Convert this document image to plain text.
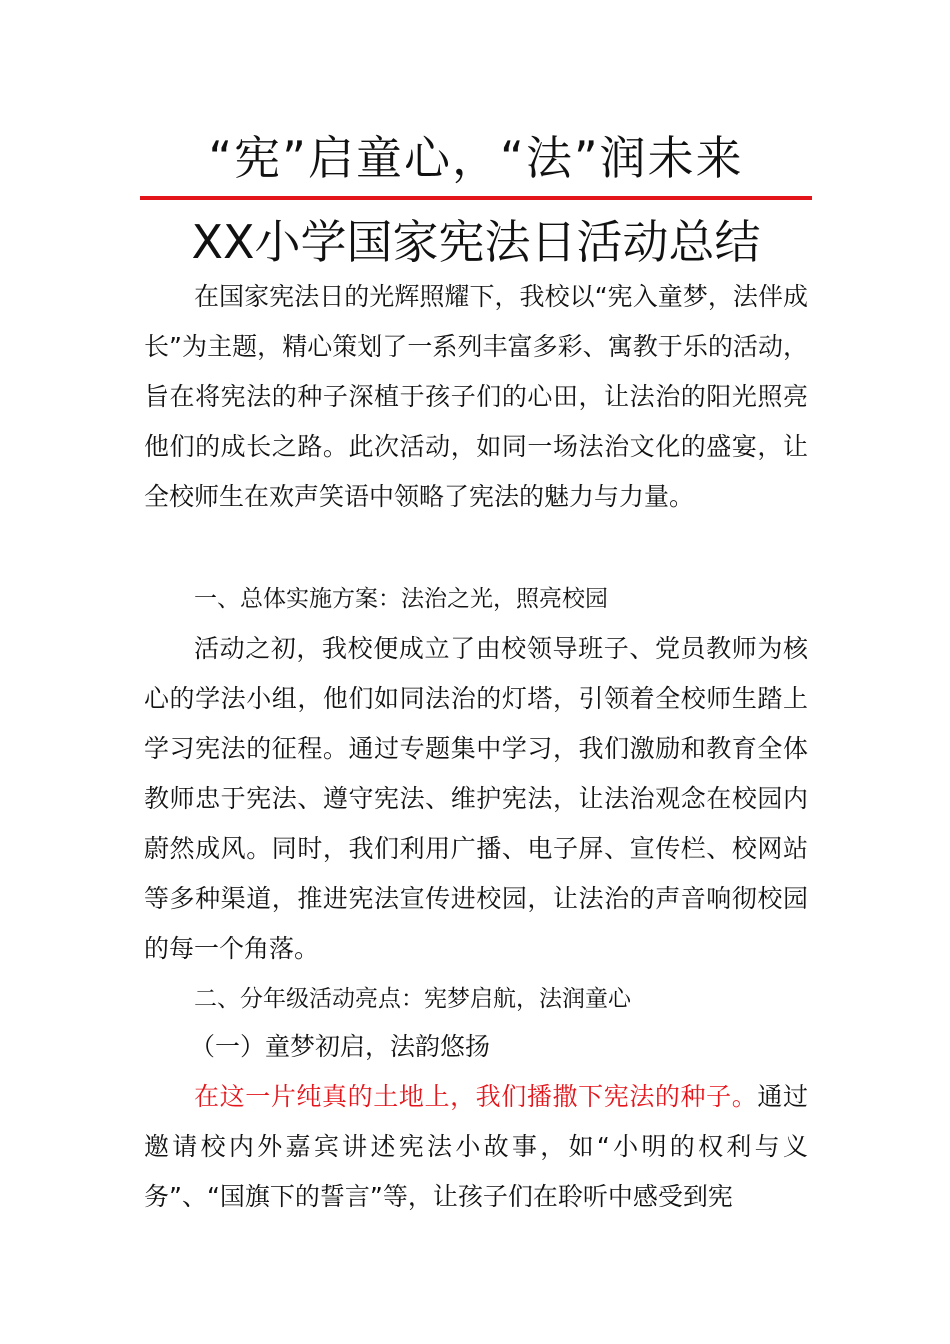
“宪”启童心，“法”润未来
XX小学国家宪法日活动总结

在国家宪法日的光辉照耀下，我校以“宪入童梦，法伴成长”为主题，精心策划了一系列丰富多彩、寓教于乐的活动，旨在将宪法的种子深植于孩子们的心田，让法治的阳光照亮他们的成长之路。此次活动，如同一场法治文化的盛宴，让全校师生在欢声笑语中领略了宪法的魅力与力量。

一、总体实施方案：法治之光，照亮校园

活动之初，我校便成立了由校领导班子、党员教师为核心的学法小组，他们如同法治的灯塔，引领着全校师生踏上学习宪法的征程。通过专题集中学习，我们激励和教育全体教师忠于宪法、遵守宪法、维护宪法，让法治观念在校园内蔚然成风。同时，我们利用广播、电子屏、宣传栏、校网站等多种渠道，推进宪法宣传进校园，让法治的声音响彻校园的每一个角落。

二、分年级活动亮点：宪梦启航，法润童心
（一）童梦初启，法韵悠扬

在这一片纯真的土地上，我们播撒下宪法的种子。通过邀请校内外嘉宾讲述宪法小故事，如“小明的权利与义务”、“国旗下的誓言”等，让孩子们在聆听中感受到宪
